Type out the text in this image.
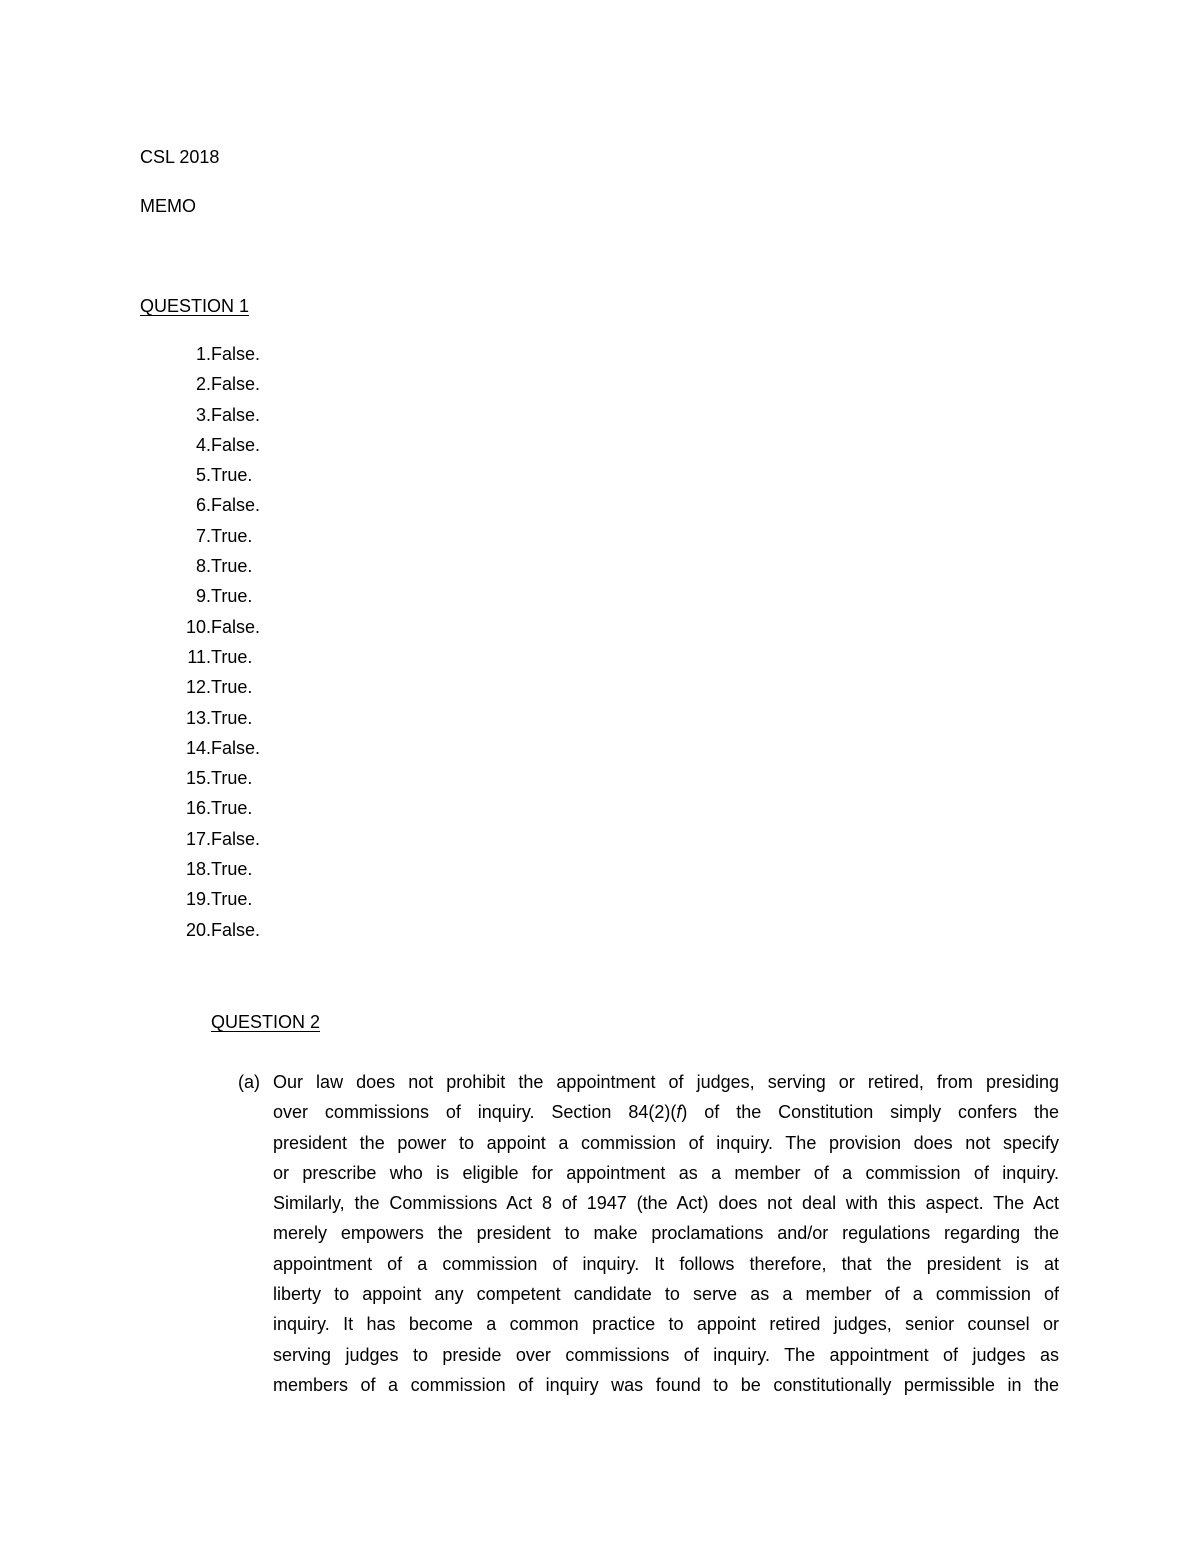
CSL 2018
MEMO
QUESTION 1
1. False.
2. False.
3. False.
4. False.
5. True.
6. False.
7. True.
8. True.
9. True.
10. False.
11. True.
12. True.
13. True.
14. False.
15. True.
16. True.
17. False.
18. True.
19. True.
20. False.
QUESTION 2
(a) Our law does not prohibit the appointment of judges, serving or retired, from presiding
over commissions of inquiry. Section 84(2)(f) of the Constitution simply confers the
president the power to appoint a commission of inquiry. The provision does not specify
or prescribe who is eligible for appointment as a member of a commission of inquiry.
Similarly, the Commissions Act 8 of 1947 (the Act) does not deal with this aspect. The Act
merely empowers the president to make proclamations and/or regulations regarding the
appointment of a commission of inquiry. It follows therefore, that the president is at
liberty to appoint any competent candidate to serve as a member of a commission of
inquiry. It has become a common practice to appoint retired judges, senior counsel or
serving judges to preside over commissions of inquiry. The appointment of judges as
members of a commission of inquiry was found to be constitutionally permissible in the
